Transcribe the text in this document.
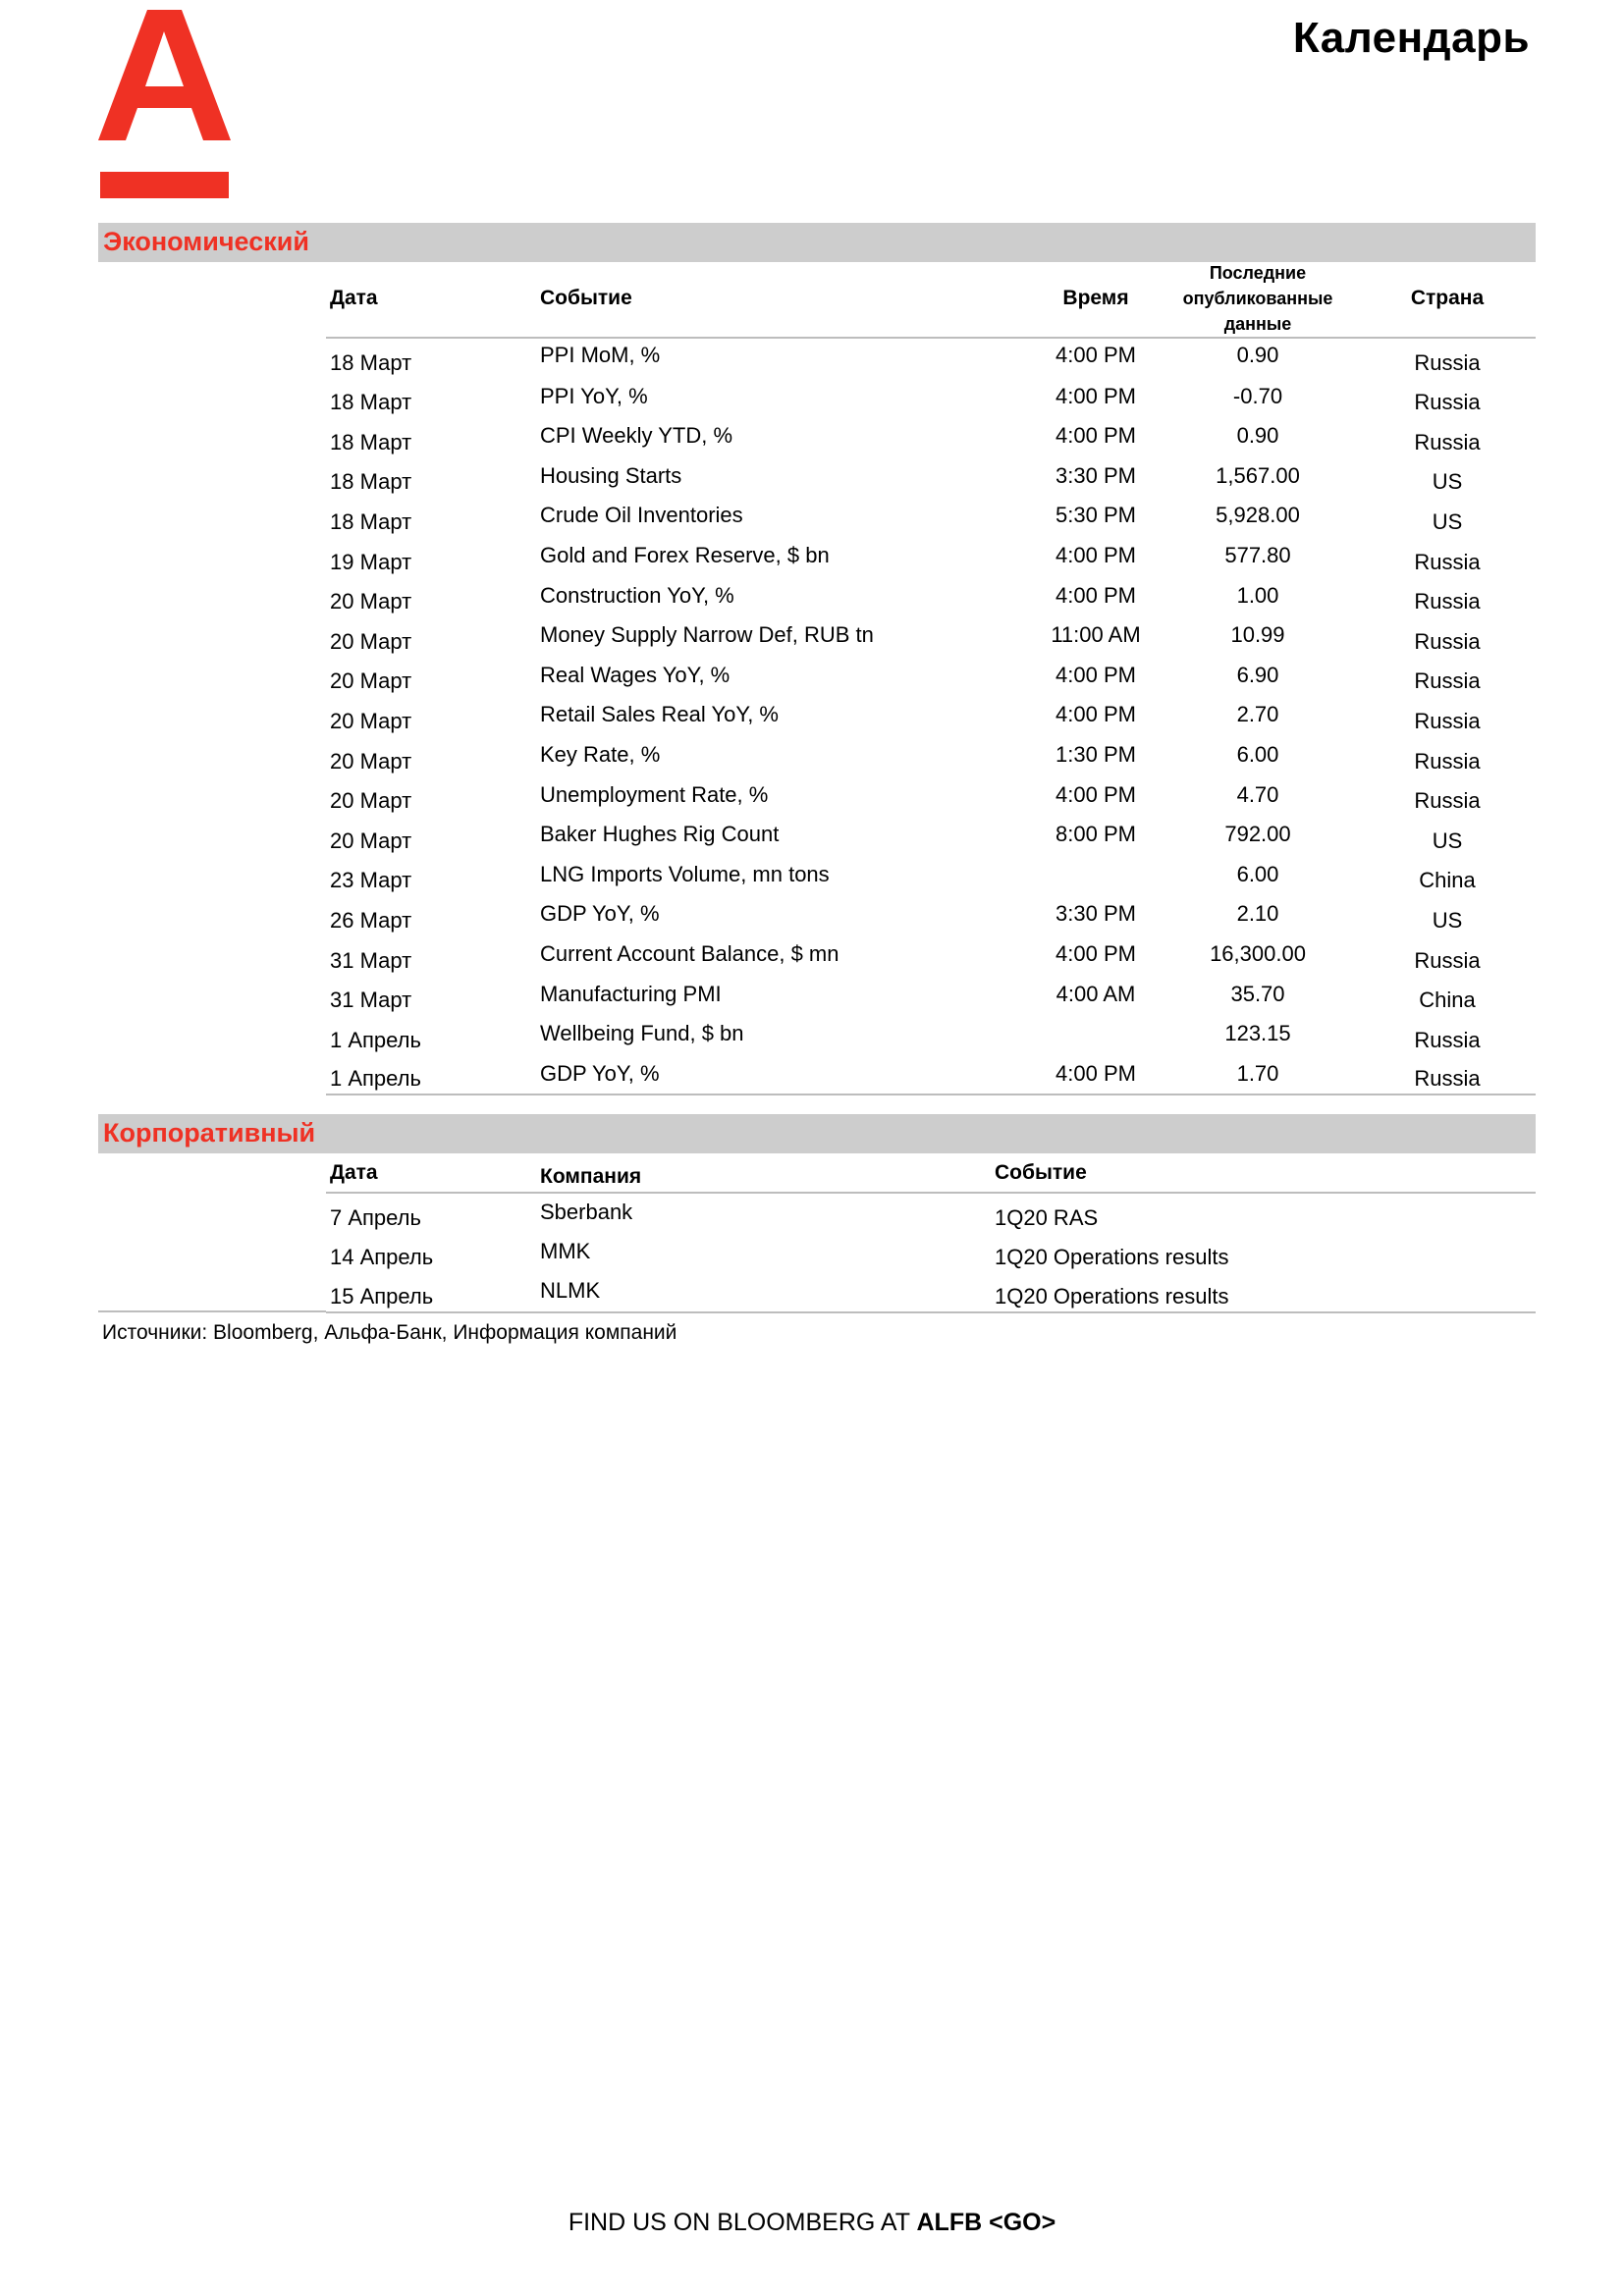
Календарь
Экономический
Дата	Событие	Время	Последние
опубликованные
данные	Страна
18 Март	PPI MoM, %	4:00 PM	0.90	Russia
18 Март	PPI YoY, %	4:00 PM	-0.70	Russia
18 Март	CPI Weekly YTD, %	4:00 PM	0.90	Russia
18 Март	Housing Starts	3:30 PM	1,567.00	US
18 Март	Crude Oil Inventories	5:30 PM	5,928.00	US
19 Март	Gold and Forex Reserve, $ bn	4:00 PM	577.80	Russia
20 Март	Construction YoY, %	4:00 PM	1.00	Russia
20 Март	Money Supply Narrow Def, RUB tn	11:00 AM	10.99	Russia
20 Март	Real Wages YoY, %	4:00 PM	6.90	Russia
20 Март	Retail Sales Real YoY, %	4:00 PM	2.70	Russia
20 Март	Key Rate, %	1:30 PM	6.00	Russia
20 Март	Unemployment Rate, %	4:00 PM	4.70	Russia
20 Март	Baker Hughes Rig Count	8:00 PM	792.00	US
23 Март	LNG Imports Volume, mn tons		6.00	China
26 Март	GDP YoY, %	3:30 PM	2.10	US
31 Март	Current Account Balance, $ mn	4:00 PM	16,300.00	Russia
31 Март	Manufacturing PMI	4:00 AM	35.70	China
1 Апрель	Wellbeing Fund, $ bn		123.15	Russia
1 Апрель	GDP YoY, %	4:00 PM	1.70	Russia
Корпоративный
Дата	Компания	Событие
7 Апрель	Sberbank	1Q20 RAS
14 Апрель	MMK	1Q20 Operations results
15 Апрель	NLMK	1Q20 Operations results
Источники: Bloomberg, Альфа-Банк, Информация компаний
FIND US ON BLOOMBERG AT ALFB <GO>
